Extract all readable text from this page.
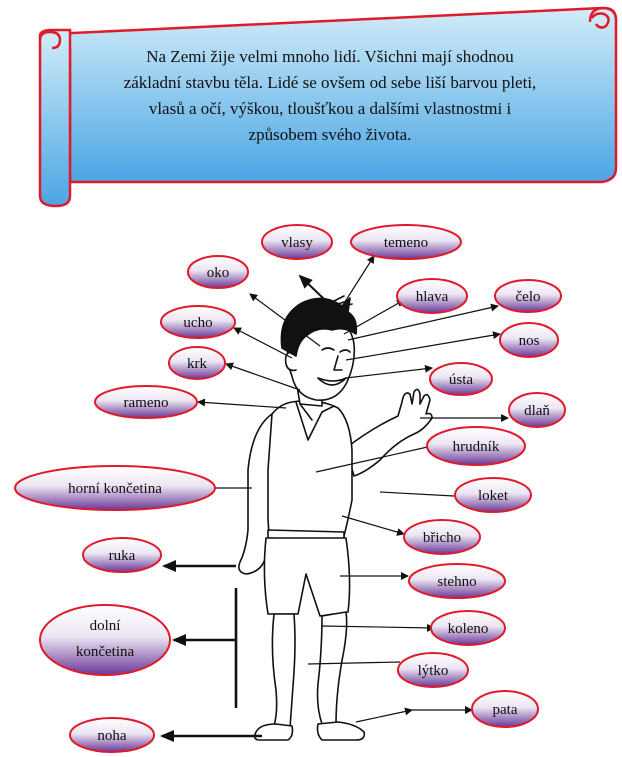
vlasy	temeno
oko
hlava	čelo
ucho
nos
krk
ústa
rameno	dlaň
hrudník
horní končetina	loket
břicho
ruka
stehno
dolní
končetina
koleno
lýtko
pata
noha
Na Zemi žije velmi mnoho lidí. Všichni mají shodnou
základní stavbu těla. Lidé se ovšem od sebe liší barvou pleti,
vlasů a očí, výškou, tloušťkou a dalšími vlastnostmi i
způsobem svého života.
